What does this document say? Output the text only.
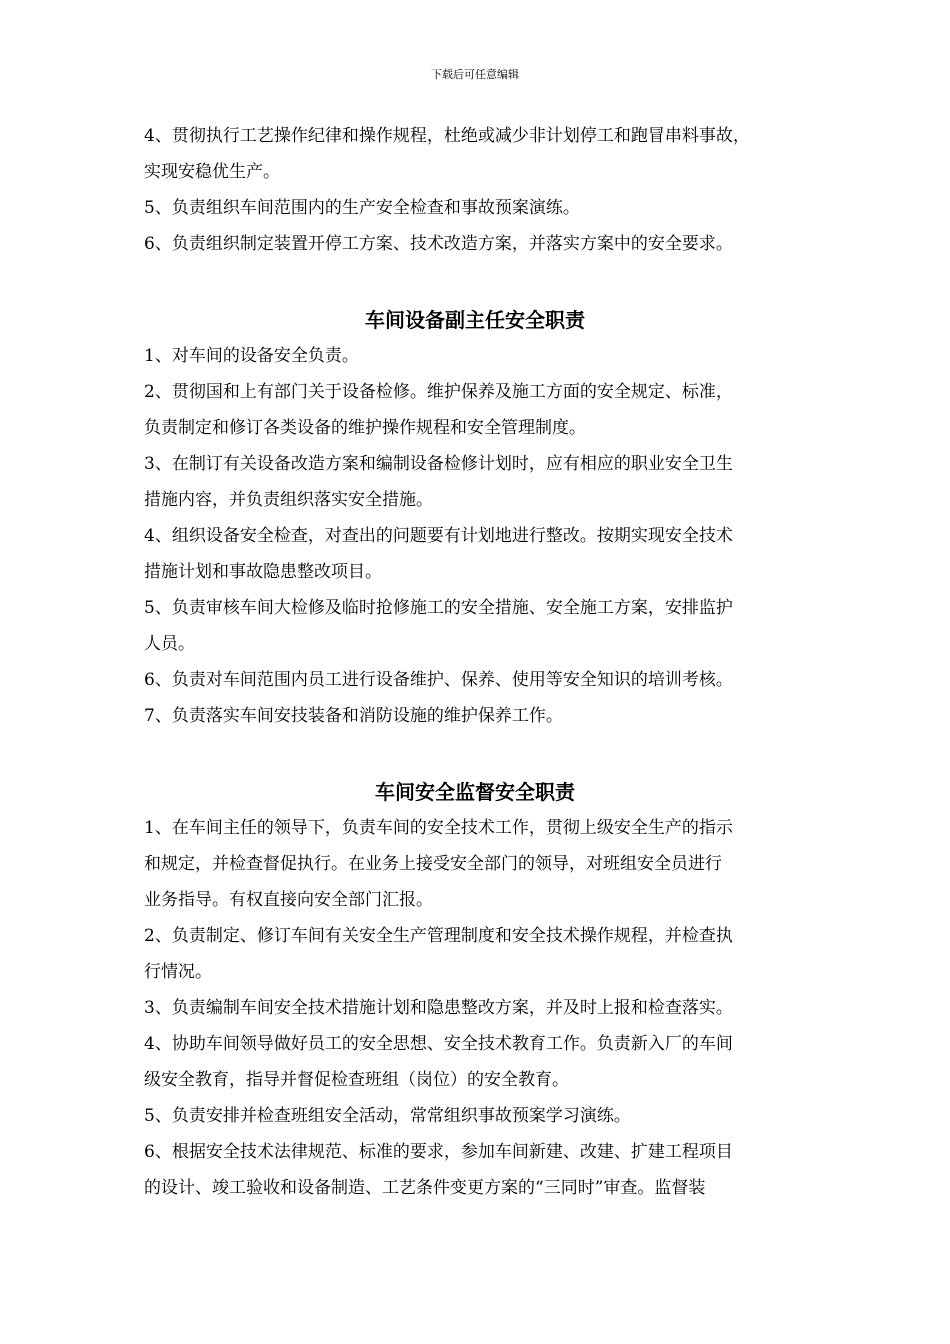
下载后可任意编辑

4、贯彻执行工艺操作纪律和操作规程，杜绝或减少非计划停工和跑冒串料事故，

实现安稳优生产。

5、负责组织车间范围内的生产安全检查和事故预案演练。

6、负责组织制定装置开停工方案、技术改造方案，并落实方案中的安全要求。

车间设备副主任安全职责

1、对车间的设备安全负责。

2、贯彻国和上有部门关于设备检修。维护保养及施工方面的安全规定、标准，

负责制定和修订各类设备的维护操作规程和安全管理制度。

3、在制订有关设备改造方案和编制设备检修计划时，应有相应的职业安全卫生

措施内容，并负责组织落实安全措施。

4、组织设备安全检查，对查出的问题要有计划地进行整改。按期实现安全技术

措施计划和事故隐患整改项目。

5、负责审核车间大检修及临时抢修施工的安全措施、安全施工方案，安排监护

人员。

6、负责对车间范围内员工进行设备维护、保养、使用等安全知识的培训考核。

7、负责落实车间安技装备和消防设施的维护保养工作。

车间安全监督安全职责

1、在车间主任的领导下，负责车间的安全技术工作，贯彻上级安全生产的指示

和规定，并检查督促执行。在业务上接受安全部门的领导，对班组安全员进行

业务指导。有权直接向安全部门汇报。

2、负责制定、修订车间有关安全生产管理制度和安全技术操作规程，并检查执

行情况。

3、负责编制车间安全技术措施计划和隐患整改方案，并及时上报和检查落实。

4、协助车间领导做好员工的安全思想、安全技术教育工作。负责新入厂的车间

级安全教育，指导并督促检查班组（岗位）的安全教育。

5、负责安排并检查班组安全活动，常常组织事故预案学习演练。

6、根据安全技术法律规范、标准的要求，参加车间新建、改建、扩建工程项目

的设计、竣工验收和设备制造、工艺条件变更方案的“三同时”审查。监督装
